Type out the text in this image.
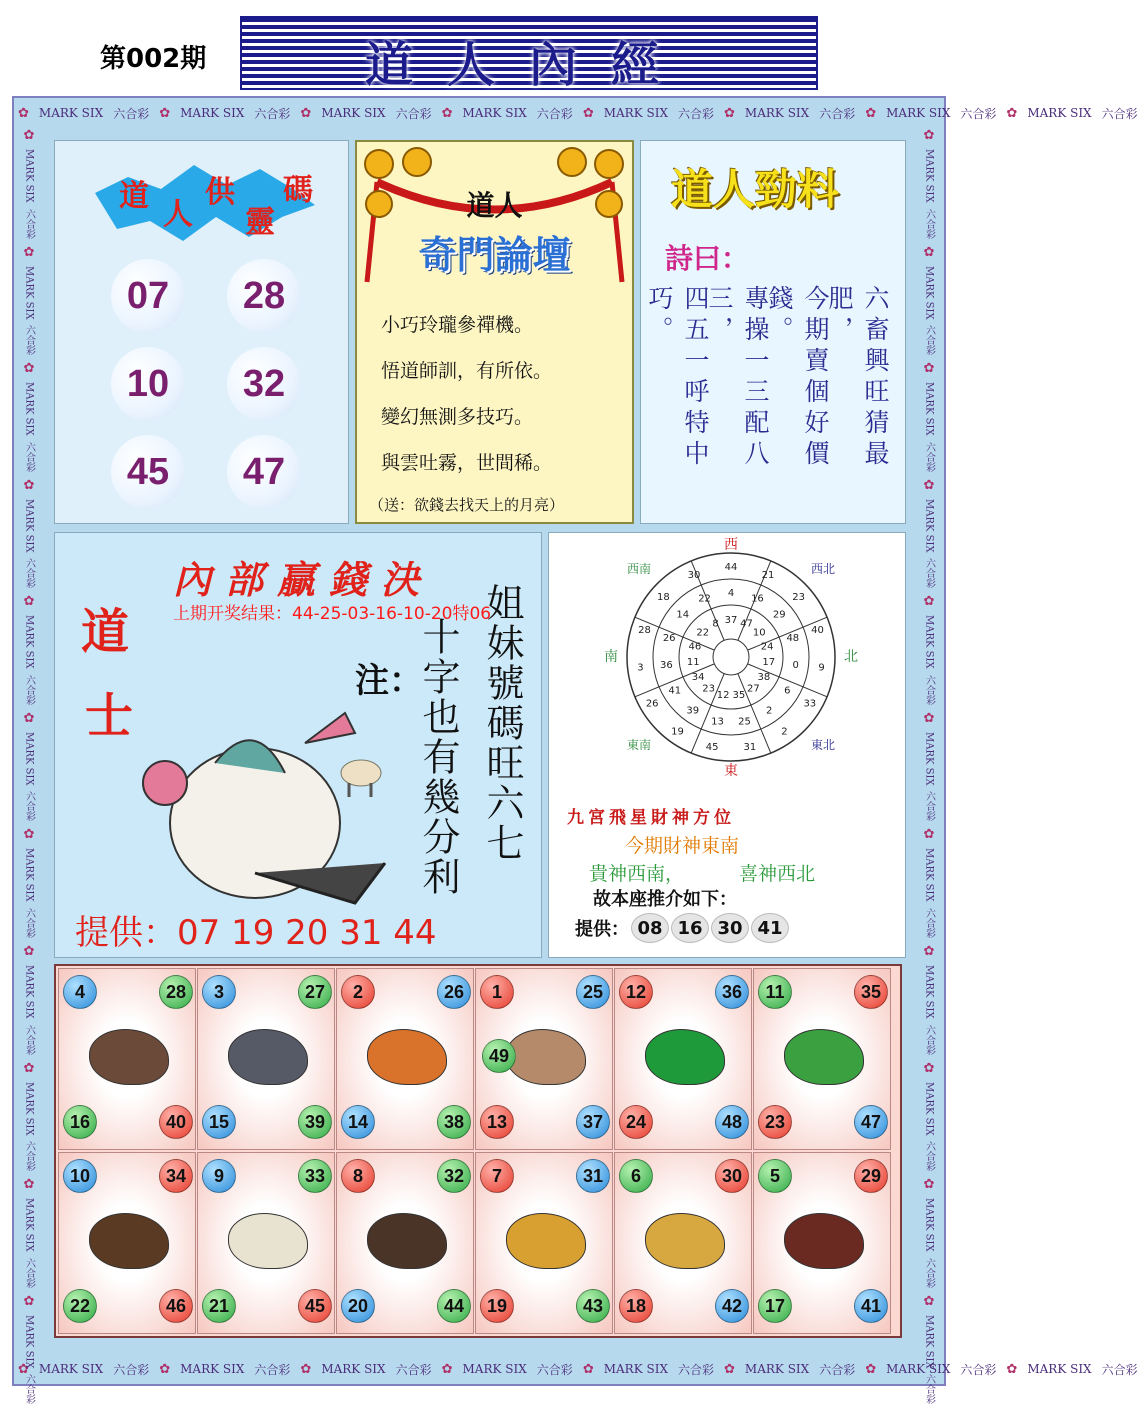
第002期	道人內經
✿ MARK SIX 六合彩 ✿ MARK SIX 六合彩 ✿ MARK SIX 六合彩 ✿ MARK SIX 六合彩 ✿ MARK SIX 六合彩 ✿ MARK SIX 六合彩 ✿ MARK SIX 六合彩 ✿ MARK SIX 六合彩
✿ MARK SIX 六合彩 ✿ MARK SIX 六合彩 ✿ MARK SIX 六合彩 ✿ MARK SIX 六合彩 ✿ MARK SIX 六合彩 ✿ MARK SIX 六合彩 ✿ MARK SIX 六合彩 ✿ MARK SIX 六合彩
✿
MARK SIX
六合彩
✿
MARK SIX
六合彩
✿
MARK SIX
六合彩
✿
MARK SIX
六合彩
✿
MARK SIX
六合彩
✿
MARK SIX
六合彩
✿
MARK SIX
六合彩
✿
MARK SIX
六合彩
✿
MARK SIX
六合彩
✿
MARK SIX
六合彩
✿
MARK SIX
六合彩
✿
MARK SIX
六合彩
✿
MARK SIX
六合彩
✿
MARK SIX
六合彩
✿
MARK SIX
六合彩
✿
MARK SIX
六合彩
✿
MARK SIX
六合彩
✿
MARK SIX
六合彩
✿
MARK SIX
六合彩
✿
MARK SIX
六合彩
✿
MARK SIX
六合彩
✿
MARK SIX
六合彩
道
人
供
靈
碼
07	28
10	32
45	47
道人
奇門論壇
小巧玲瓏參禪機。
悟道師訓，有所依。
變幻無測多技巧。
與雲吐霧，世間稀。
（送：欲錢去找天上的月亮）
道人勁料
詩曰：
六畜興旺猜最肥，
今期賣個好價錢。
專操一三配八三，
四五一呼特中巧。
道
士
內部贏錢決
上期开奖结果：44-25-03-16-10-20特06
注： 姐妹號碼旺六七
十字也有幾分利
提供：07 19 20 31 44
44
21
23
40
9
33
2
31
45
19
26
3
28
18
30
4
16
29
48
0
6
2
25
13
39
41
36
26
14
22
37 47
10
24
17
38
27
35
12
23
34
11
46
22
8
西
東
南	北
西南	西北
東南	東北
九宮飛星財神方位
今期財神東南
貴神西南，	喜神西北
故本座推介如下：
提供： 08 16 30 41
4	28
16	40
3	27
15	39
2	26
14	38
1	25
49
13	37
12	36
24	48
11	35
23	47
10	34
22	46
9	33
21	45
8	32
20	44
7	31
19	43
6	30
18	42
5	29
17	41
